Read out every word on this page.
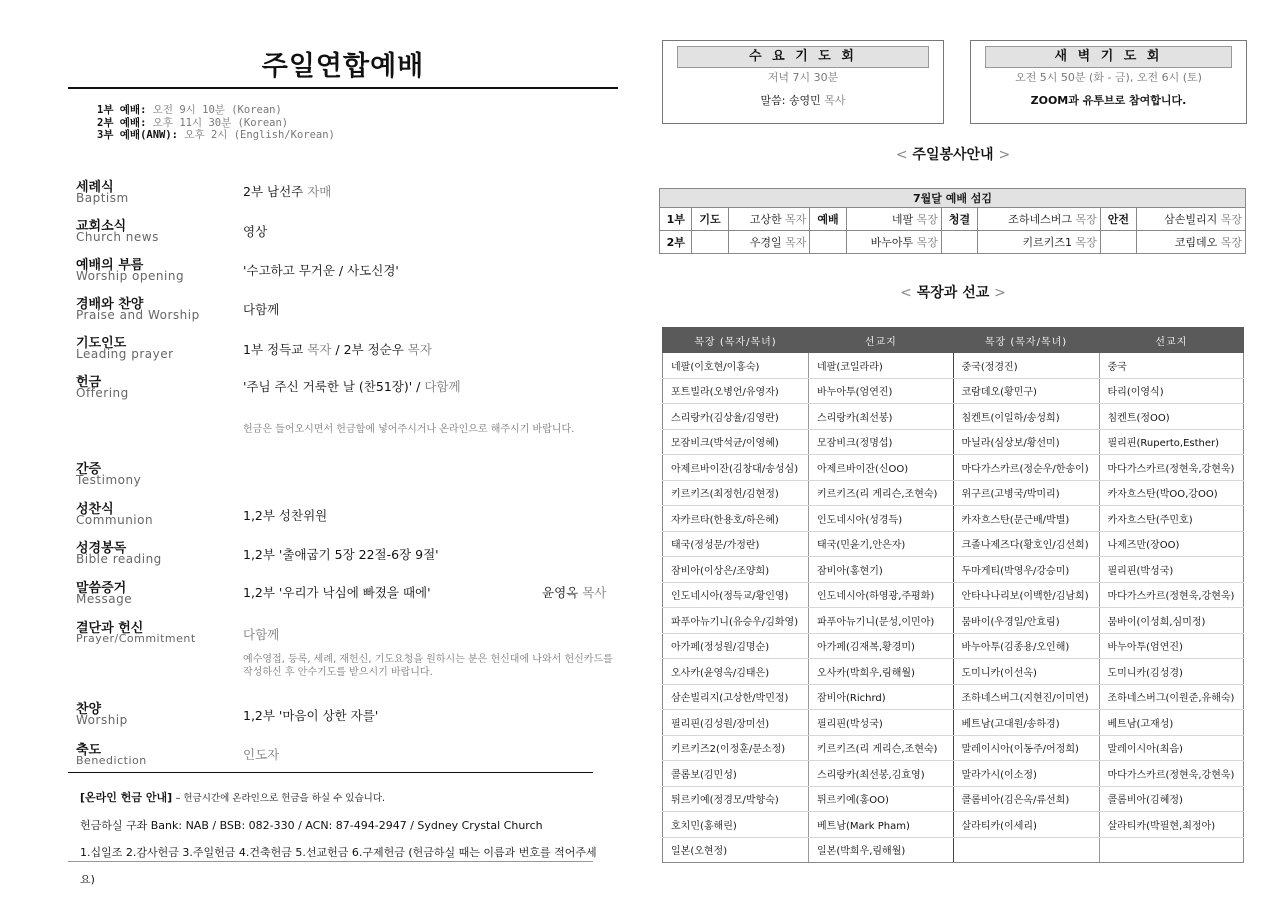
주일연합예배
1부 예배: 오전 9시 10분 (Korean)
2부 예배: 오후 11시 30분 (Korean)
3부 예배(ANW): 오후 2시 (English/Korean)
세례식
Baptism	2부 남선주 자매
교회소식
Church news	영상
예배의 부름
Worship opening	'수고하고 무거운 / 사도신경'
경배와 찬양
Praise and Worship	다함께
기도인도
Leading prayer	1부 정득교 목자 / 2부 정순우 목자
헌금
Offering	'주님 주신 거룩한 날 (찬51장)' / 다함께
헌금은 들어오시면서 헌금함에 넣어주시거나 온라인으로 해주시기 바랍니다.
간증
Testimony
성찬식
Communion	1,2부 성찬위원
성경봉독
Bible reading	1,2부 '출애굽기 5장 22절-6장 9절'
말씀증거
Message	1,2부 '우리가 낙심에 빠졌을 때에'	윤영옥 목사
결단과 헌신
Prayer/Commitment	다함께
예수영접, 등록, 세례, 재헌신, 기도요청을 원하시는 분은 헌신대에 나와서 헌신카드를 작성하신 후 안수기도를 받으시기 바랍니다.
찬양
Worship	1,2부 '마음이 상한 자를'
축도
Benediction	인도자
[온라인 헌금 안내] – 헌금시간에 온라인으로 헌금을 하실 수 있습니다.
헌금하실 구좌 Bank: NAB / BSB: 082-330 / ACN: 87-494-2947 / Sydney Crystal Church
1.십일조 2.감사헌금 3.주일헌금 4.건축헌금 5.선교헌금 6.구제헌금 (헌금하실 때는 이름과 번호를 적어주세요)
수 요 기 도 회
저녁 7시 30분
말씀: 송영민 목사
새 벽 기 도 회
오전 5시 50분 (화 - 금), 오전 6시 (토)
ZOOM과 유투브로 참여합니다.
< 주일봉사안내 >
7월달 예배 섬김								
1부	기도	고상한 목자	예배	네팔 목장	청결	조하네스버그 목장	안전	삼손빌리지 목장
2부		우경일 목자		바누아투 목장		키르키즈1 목장		코림데오 목장
< 목장과 선교 >
목장 (목자/목녀)	선교지	목장 (목자/목녀)	선교지
네팔(이호현/이홍숙)	네팔(코일라라)	중국(정경진)	중국
포트빌라(오병언/유영자)	바누아투(엄연진)	코람데오(황민구)	타리(이영식)
스리랑카(김상율/김영란)	스리랑카(최선봉)	침켄트(이일하/송성희)	침켄트(정OO)
모잠비크(박석균/이영혜)	모잠비크(정명섭)	마닐라(심상보/황선미)	필리핀(Ruperto,Esther)
아제르바이잔(김창대/송성심)	아제르바이잔(신OO)	마다가스카르(정순우/한송이)	마다가스카르(정현욱,강현욱)
키르키즈(최정헌/김현정)	키르키즈(리 게리슨,조현숙)	위구르(고병국/박미리)	카자흐스탄(박OO,강OO)
자카르타(한용호/하은혜)	인도네시아(성경득)	카자흐스탄(문근배/박별)	카자흐스탄(주민호)
태국(정성문/가정란)	태국(민윤기,안은자)	크졸나제즈다(황호인/김선희)	나제즈만(장OO)
잠비아(이상은/조양희)	잠비아(홍현기)	두마게티(박영우/강승미)	필리핀(박성국)
인도네시아(정득교/황인영)	인도네시아(하영광,주평화)	안타나나리보(이백한/김남희)	마다가스카르(정현욱,강현욱)
파푸아뉴기니(유승우/김화영)	파푸아뉴기니(문성,이민아)	뭄바이(우경일/안효림)	뭄바이(이성희,심미정)
아가페(정성원/김명순)	아가페(김재복,황경미)	바누아투(김종용/오인해)	바누아투(엄연진)
오사카(윤영옥/김태은)	오사카(박희우,림해월)	도미니카(이선옥)	도미니카(김성경)
삼손빌리지(고상한/박민정)	잠비아(Richrd)	조하네스버그(지현진/이미연)	조하네스버그(이원준,유해숙)
필리핀(김성원/장미선)	필리핀(박성국)	베트남(고대원/송하경)	베트남(고재성)
키르키즈2(이정훈/문소정)	키르키즈(리 게리슨,조현숙)	말레이시아(이동주/어정희)	말레이시아(최음)
콜롬보(김민성)	스리랑카(최선봉,김효영)	말라가시(이소정)	마다가스카르(정현욱,강현욱)
튀르키예(정경모/박향숙)	튀르키예(홍OO)	콜롬비아(김은옥/류선희)	콜롬비아(김혜정)
호치민(홍해린)	베트남(Mark Pham)	살라티카(이세리)	살라티카(박필현,최정아)
일본(오현정)	일본(박희우,림해월)		
